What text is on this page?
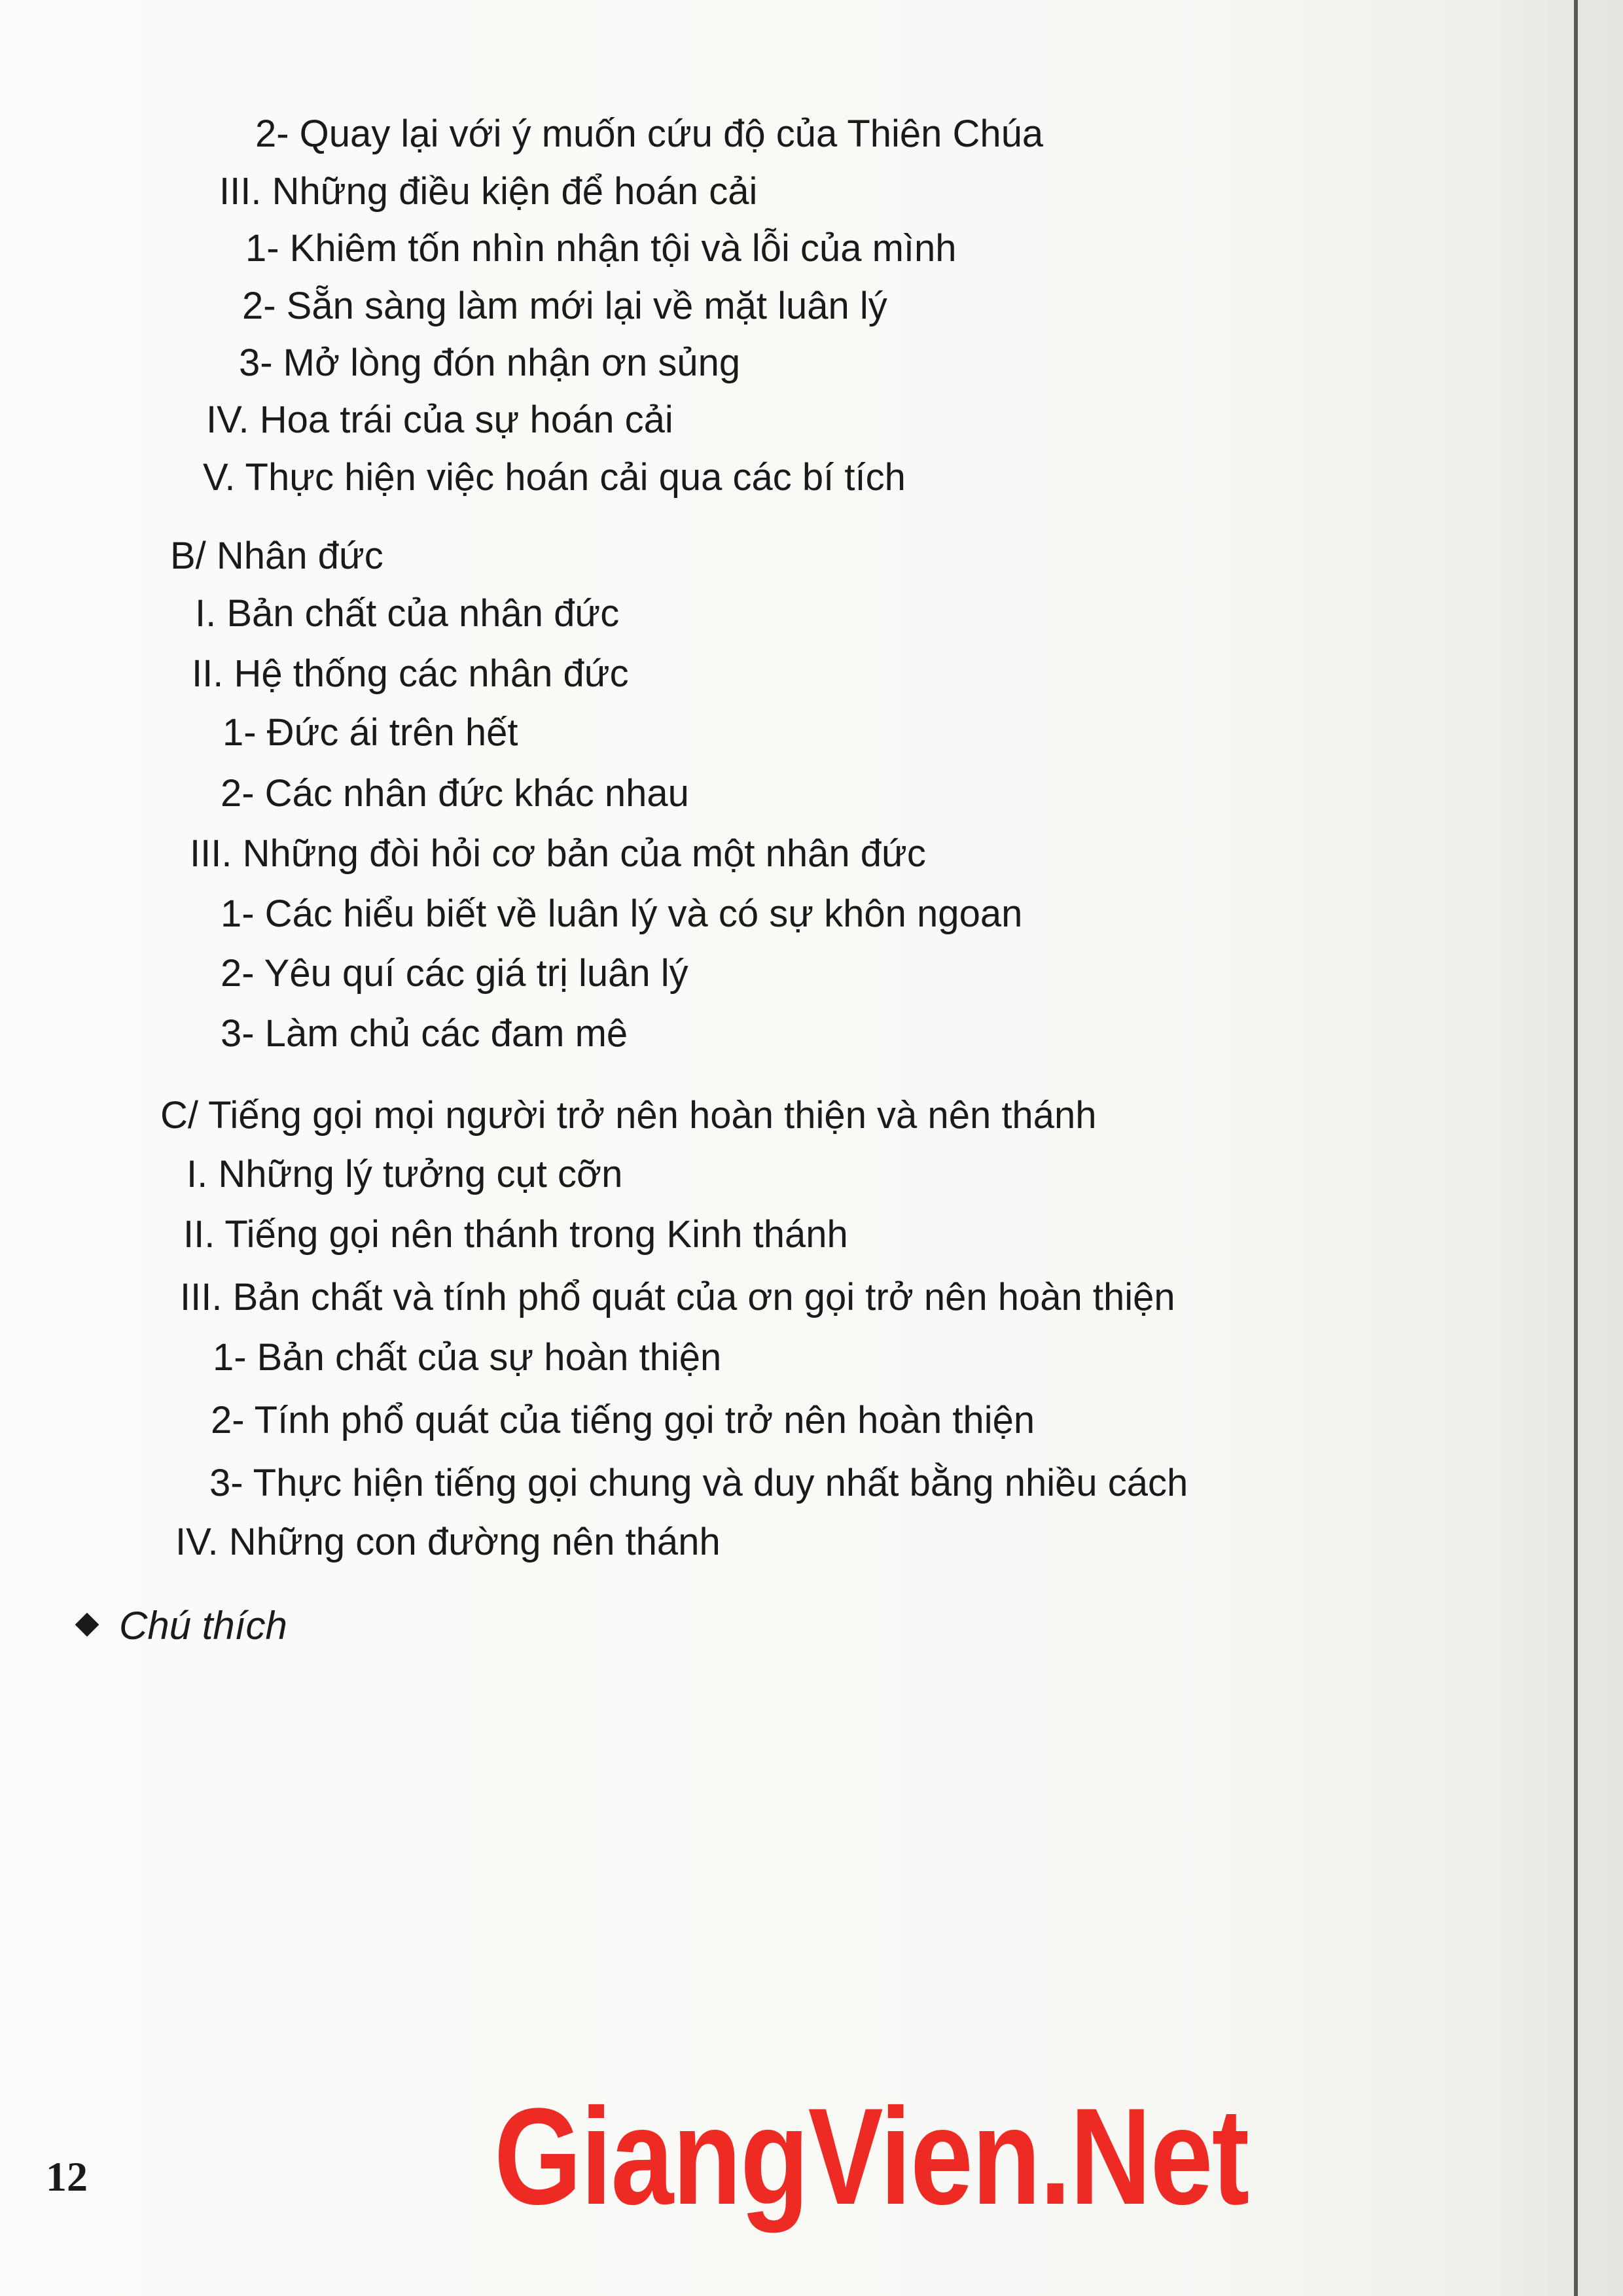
2- Quay lại với ý muốn cứu độ của Thiên Chúa
III. Những điều kiện để hoán cải
1- Khiêm tốn nhìn nhận tội và lỗi của mình
2- Sẵn sàng làm mới lại về mặt luân lý
3- Mở lòng đón nhận ơn sủng
IV. Hoa trái của sự hoán cải
V. Thực hiện việc hoán cải qua các bí tích
B/ Nhân đức
I. Bản chất của nhân đức
II. Hệ thống các nhân đức
1- Đức ái trên hết
2- Các nhân đức khác nhau
III. Những đòi hỏi cơ bản của một nhân đức
1- Các hiểu biết về luân lý và có sự khôn ngoan
2- Yêu quí các giá trị luân lý
3- Làm chủ các đam mê
C/ Tiếng gọi mọi người trở nên hoàn thiện và nên thánh
I. Những lý tưởng cụt cỡn
II. Tiếng gọi nên thánh trong Kinh thánh
III. Bản chất và tính phổ quát của ơn gọi trở nên hoàn thiện
1- Bản chất của sự hoàn thiện
2- Tính phổ quát của tiếng gọi trở nên hoàn thiện
3- Thực hiện tiếng gọi chung và duy nhất bằng nhiều cách
IV. Những con đường nên thánh
Chú thích
12	GiangVien.Net
